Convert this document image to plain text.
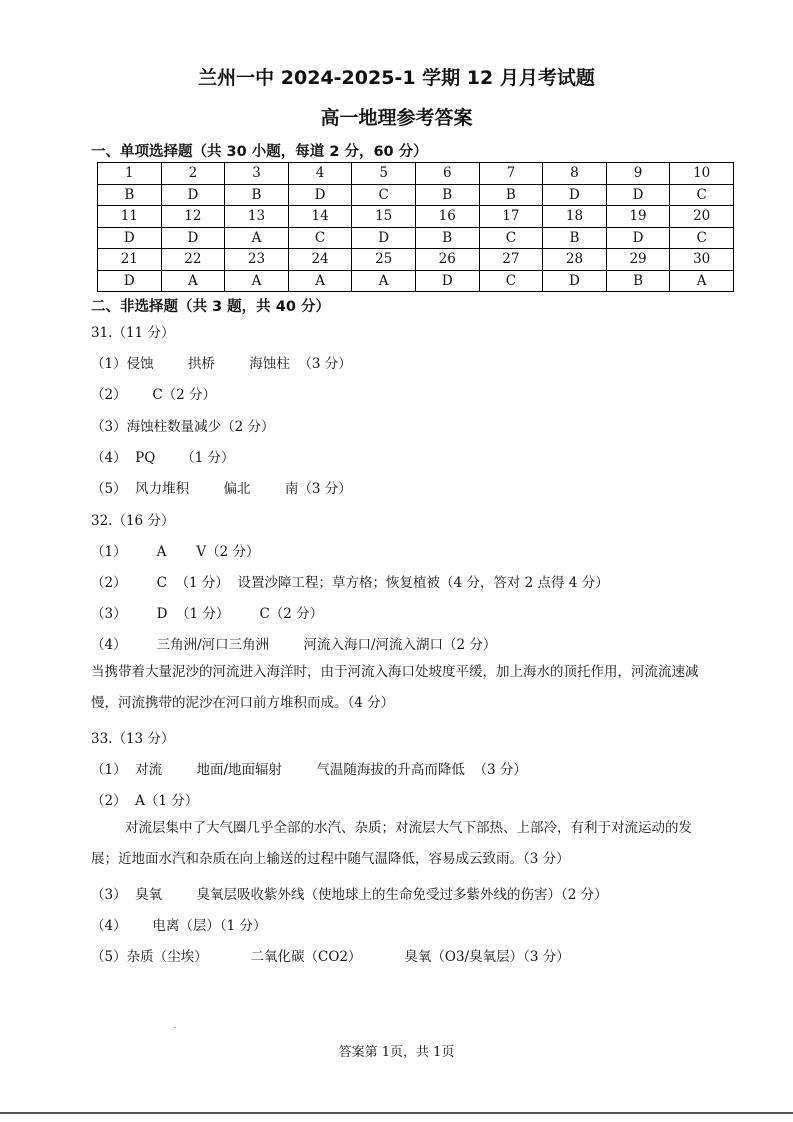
兰州一中 2024-2025-1 学期 12 月月考试题
高一地理参考答案
一、单项选择题（共 30 小题，每道 2 分，60 分）
1	2	3	4	5	6	7	8	9	10
B	D	B	D	C	B	B	D	D	C
11	12	13	14	15	16	17	18	19	20
D	D	A	C	D	B	C	B	D	C
21	22	23	24	25	26	27	28	29	30
D	A	A	A	A	D	C	D	B	A
二、非选择题（共 3 题，共 40 分）
31.（11 分）
（1）侵蚀        拱桥        海蚀柱  （3 分）
（2）      C（2 分）
（3）海蚀柱数量减少（2 分）
（4）  PQ      （1 分）
（5）  风力堆积        偏北        南（3 分）
32.（16 分）
（1）       A       V（2 分）
（2）       C  （1 分）  设置沙障工程；草方格；恢复植被（4 分，答对 2 点得 4 分）
（3）       D  （1 分）       C（2 分）
（4）       三角洲/河口三角洲        河流入海口/河流入湖口（2 分）
当携带着大量泥沙的河流进入海洋时，由于河流入海口处坡度平缓，加上海水的顶托作用，河流流速减慢，河流携带的泥沙在河口前方堆积而成。（4 分）
33.（13 分）
（1）  对流        地面/地面辐射        气温随海拔的升高而降低  （3 分）
（2）  A（1 分）
对流层集中了大气圈几乎全部的水汽、杂质；对流层大气下部热、上部冷，有利于对流运动的发展；近地面水汽和杂质在向上输送的过程中随气温降低，容易成云致雨。（3 分）
（3）  臭氧        臭氧层吸收紫外线（使地球上的生命免受过多紫外线的伤害）（2 分）
（4）      电离（层）（1 分）
（5）杂质（尘埃）          二氧化碳（CO2）          臭氧（O3/臭氧层）（3 分）
答案第 1页，共 1页
